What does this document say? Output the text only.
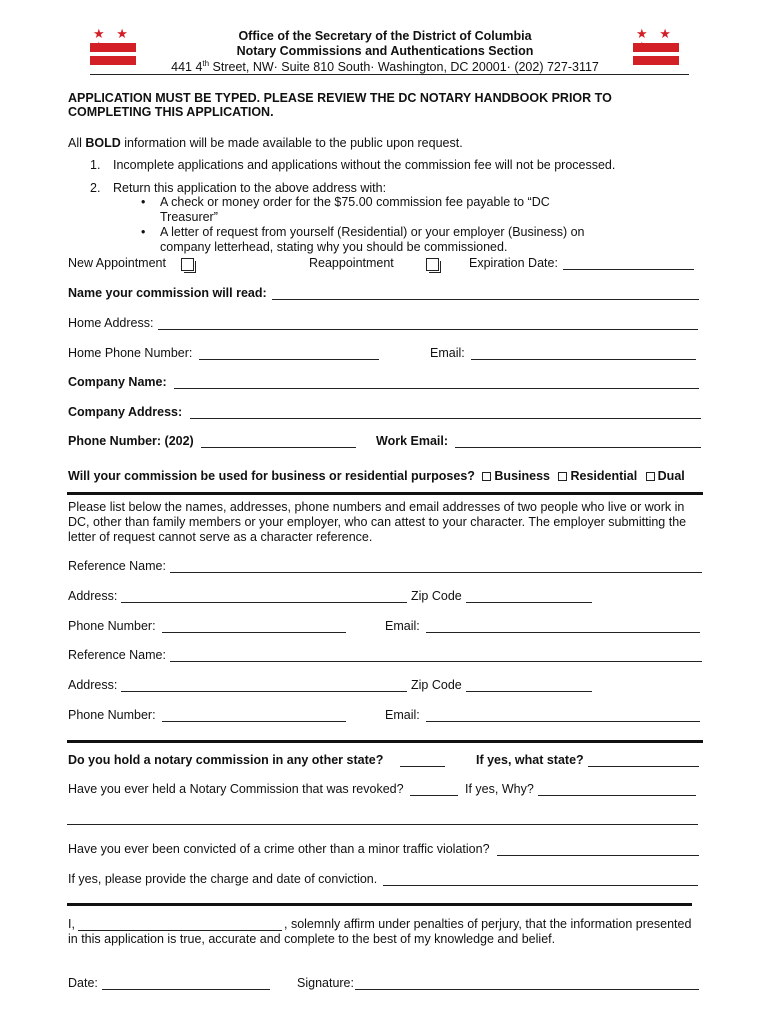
★ ★	★ ★
Office of the Secretary of the District of Columbia
Notary Commissions and Authentications Section
441 4th Street, NW· Suite 810 South· Washington, DC 20001· (202) 727-3117
APPLICATION MUST BE TYPED. PLEASE REVIEW THE DC NOTARY HANDBOOK PRIOR TO
COMPLETING THIS APPLICATION.
All BOLD information will be made available to the public upon request.
1. Incomplete applications and applications without the commission fee will not be processed.
2. Return this application to the above address with:
• A check or money order for the $75.00 commission fee payable to “DC Treasurer”
• A letter of request from yourself (Residential) or your employer (Business) on company letterhead, stating why you should be commissioned.
New Appointment
	Reappointment	Expiration Date:
Name your commission will read:
Home Address:
Home Phone Number:	Email:
Company Name:
Company Address:
Phone Number: (202)	Work Email:
Will your commission be used for business or residential purposes? Business Residential Dual
Please list below the names, addresses, phone numbers and email addresses of two people who live or work in DC, other than family members or your employer, who can attest to your character. The employer submitting the letter of request cannot serve as a character reference.
Reference Name:
Address:	Zip Code
Phone Number:	Email:
Reference Name:
Address:	Zip Code
Phone Number:	Email:
Do you hold a notary commission in any other state?	If yes, what state?
Have you ever held a Notary Commission that was revoked?	If yes, Why?
Have you ever been convicted of a crime other than a minor traffic violation?
If yes, please provide the charge and date of conviction.
I,	, solemnly affirm under penalties of perjury, that the information presented
in this application is true, accurate and complete to the best of my knowledge and belief.
Date:	Signature:
